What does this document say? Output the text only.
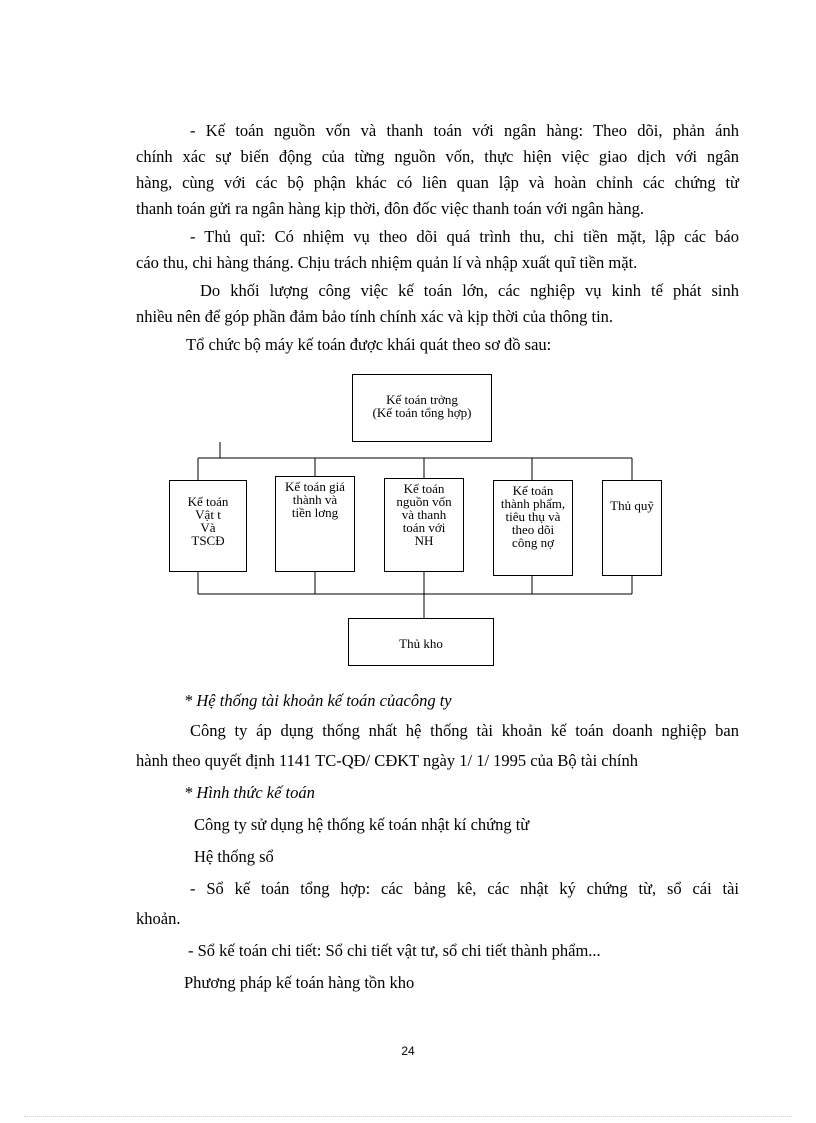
- Kế toán nguồn vốn và thanh toán với ngân hàng: Theo dõi, phản ánh

chính xác sự biến động của từng nguồn vốn, thực hiện việc giao dịch với ngân

hàng, cùng với các bộ phận khác có liên quan lập và hoàn chỉnh các chứng từ

thanh toán gửi ra ngân hàng kịp thời, đôn đốc việc thanh toán với ngân hàng.

- Thủ quĩ: Có nhiệm vụ theo dõi quá trình thu, chi tiền mặt, lập các báo

cáo thu, chi hàng tháng. Chịu trách nhiệm quản lí và nhập xuất quĩ tiền mặt.

Do khối lượng công việc kế toán lớn, các nghiệp vụ kinh tế phát sinh

nhiều nên để góp phần đảm bảo tính chính xác và kịp thời của thông tin.

Tổ chức bộ máy kế toán được khái quát theo sơ đồ sau:

Kế toán trởng
(Kế toán tổng hợp)
Kế toán
Vật t
Và
TSCĐ
Kế toán giá
thành và
tiền lơng
Kế toán
nguồn vốn
và thanh
toán với
NH
Kế toán
thành phẩm,
tiêu thụ và
theo dõi
công nợ
Thủ quỹ
Thủ kho

* Hệ thống tài khoản kế toán củacông ty

Công ty áp dụng thống nhất hệ thống tài khoản kế toán doanh nghiệp ban

hành theo quyết định 1141 TC-QĐ/ CĐKT ngày 1/ 1/ 1995 của Bộ tài chính

* Hình thức kế toán

Công ty sử dụng hệ thống kế toán nhật kí chứng từ

Hệ thống sổ

- Sổ kế toán tổng hợp: các bảng kê, các nhật ký chứng từ, sổ cái tài

khoản.

- Sổ kế toán chi tiết: Sổ chi tiết vật tư, sổ chi tiết thành phẩm...

Phương pháp kế toán hàng tồn kho

24
